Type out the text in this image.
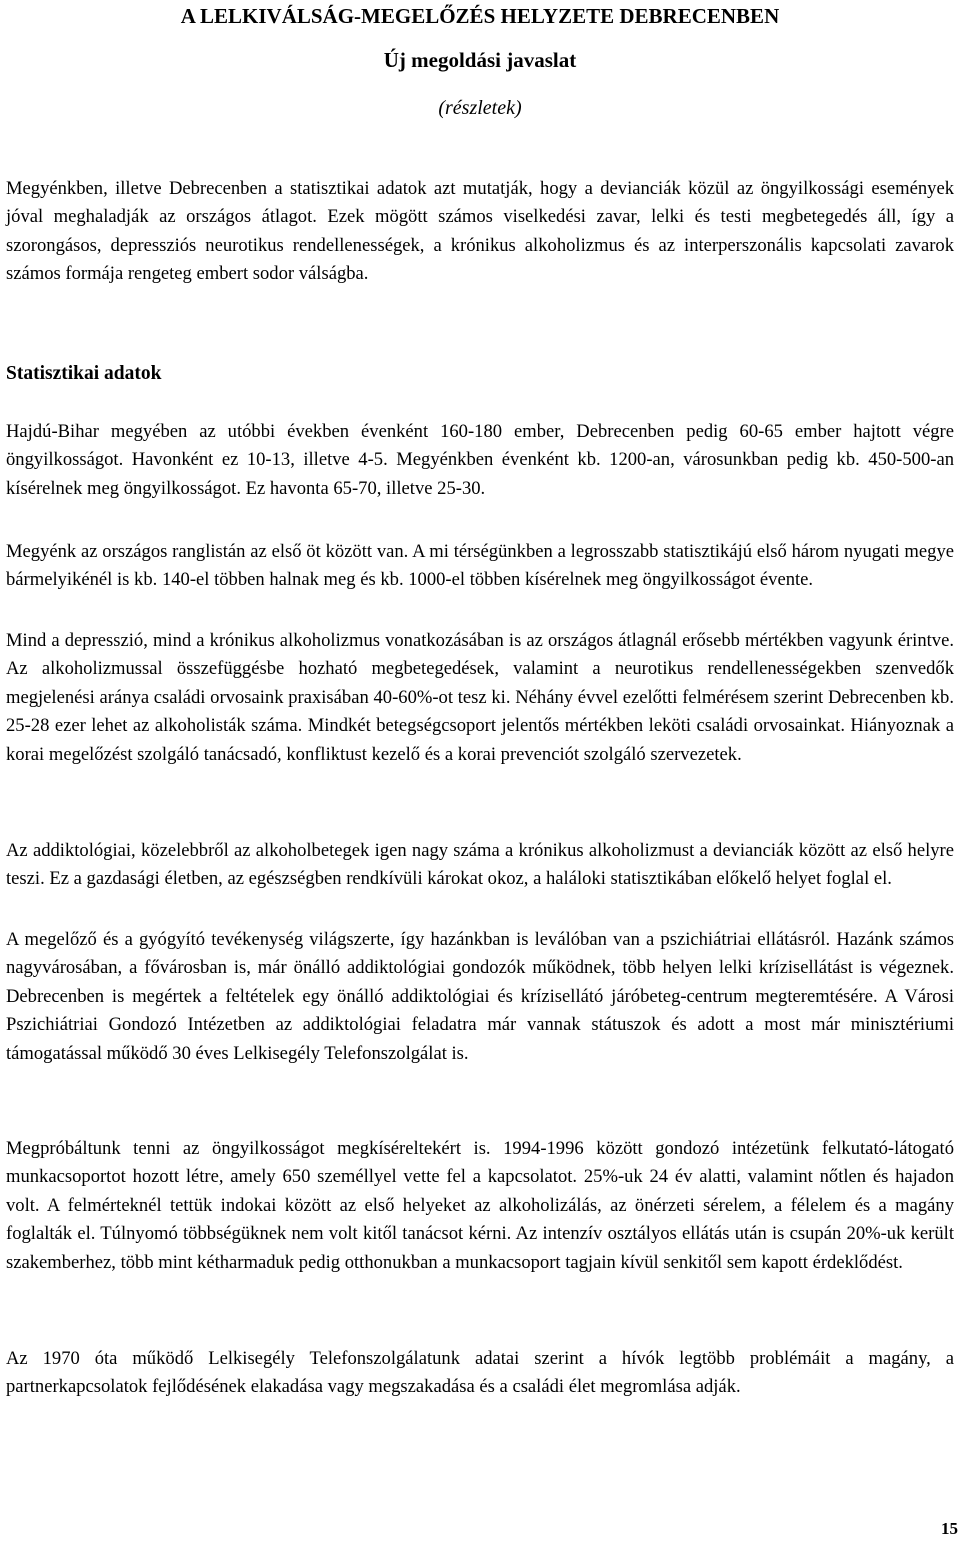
A LELKIVÁLSÁG-MEGELŐZÉS HELYZETE DEBRECENBEN
Új megoldási javaslat
(részletek)

Megyénkben, illetve Debrecenben a statisztikai adatok azt mutatják, hogy a devianciák közül az öngyilkossági események jóval meghaladják az országos átlagot. Ezek mögött számos viselkedési zavar, lelki és testi megbetegedés áll, így a szorongásos, depressziós neurotikus rendellenességek, a krónikus alkoholizmus és az interperszonális kapcsolati zavarok számos formája rengeteg embert sodor válságba.

Statisztikai adatok

Hajdú-Bihar megyében az utóbbi években évenként 160-180 ember, Debrecenben pedig 60-65 ember hajtott végre öngyilkosságot. Havonként ez 10-13, illetve 4-5. Megyénkben évenként kb. 1200-an, városunkban pedig kb. 450-500-an kísérelnek meg öngyilkosságot. Ez havonta 65-70, illetve 25-30.

Megyénk az országos ranglistán az első öt között van. A mi térségünkben a legrosszabb statisztikájú első három nyugati megye bármelyikénél is kb. 140-el többen halnak meg és kb. 1000-el többen kísérelnek meg öngyilkosságot évente.

Mind a depresszió, mind a krónikus alkoholizmus vonatkozásában is az országos átlagnál erősebb mértékben vagyunk érintve. Az alkoholizmussal összefüggésbe hozható megbetegedések, valamint a neurotikus rendellenességekben szenvedők megjelenési aránya családi orvosaink praxisában 40-60%-ot tesz ki. Néhány évvel ezelőtti felmérésem szerint Debrecenben kb. 25-28 ezer lehet az alkoholisták száma. Mindkét betegségcsoport jelentős mértékben leköti családi orvosainkat. Hiányoznak a korai megelőzést szolgáló tanácsadó, konfliktust kezelő és a korai prevenciót szolgáló szervezetek.

Az addiktológiai, közelebbről az alkoholbetegek igen nagy száma a krónikus alkoholizmust a devianciák között az első helyre teszi. Ez a gazdasági életben, az egészségben rendkívüli károkat okoz, a haláloki statisztikában előkelő helyet foglal el.

A megelőző és a gyógyító tevékenység világszerte, így hazánkban is leválóban van a pszichiátriai ellátásról. Hazánk számos nagyvárosában, a fővárosban is, már önálló addiktológiai gondozók működnek, több helyen lelki krízisellátást is végeznek. Debrecenben is megértek a feltételek egy önálló addiktológiai és krízisellátó járóbeteg-centrum megteremtésére. A Városi Pszichiátriai Gondozó Intézetben az addiktológiai feladatra már vannak státuszok és adott a most már minisztériumi támogatással működő 30 éves Lelkisegély Telefonszolgálat is.

Megpróbáltunk tenni az öngyilkosságot megkíséreltekért is. 1994-1996 között gondozó intézetünk felkutató-látogató munkacsoportot hozott létre, amely 650 személlyel vette fel a kapcsolatot. 25%-uk 24 év alatti, valamint nőtlen és hajadon volt. A felmérteknél tettük indokai között az első helyeket az alkoholizálás, az önérzeti sérelem, a félelem és a magány foglalták el. Túlnyomó többségüknek nem volt kitől tanácsot kérni. Az intenzív osztályos ellátás után is csupán 20%-uk került szakemberhez, több mint kétharmaduk pedig otthonukban a munkacsoport tagjain kívül senkitől sem kapott érdeklődést.

Az 1970 óta működő Lelkisegély Telefonszolgálatunk adatai szerint a hívók legtöbb problémáit a magány, a partnerkapcsolatok fejlődésének elakadása vagy megszakadása és a családi élet megromlása adják.

15
